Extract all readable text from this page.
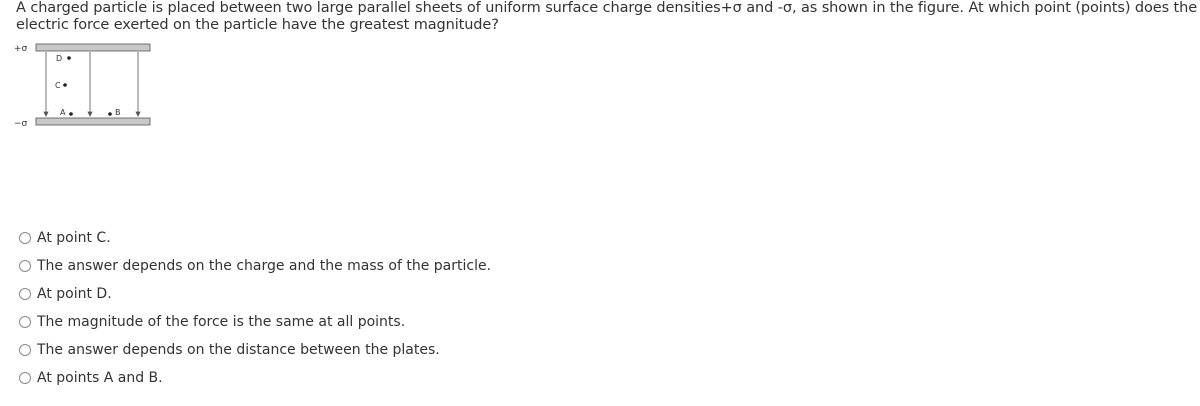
A charged particle is placed between two large parallel sheets of uniform surface charge densities+σ and -σ, as shown in the figure. At which point (points) does the electric force exerted on the particle have the greatest magnitude?
+σ
−σ
D
C
A	B
At point C.
The answer depends on the charge and the mass of the particle.
At point D.
The magnitude of the force is the same at all points.
The answer depends on the distance between the plates.
At points A and B.
